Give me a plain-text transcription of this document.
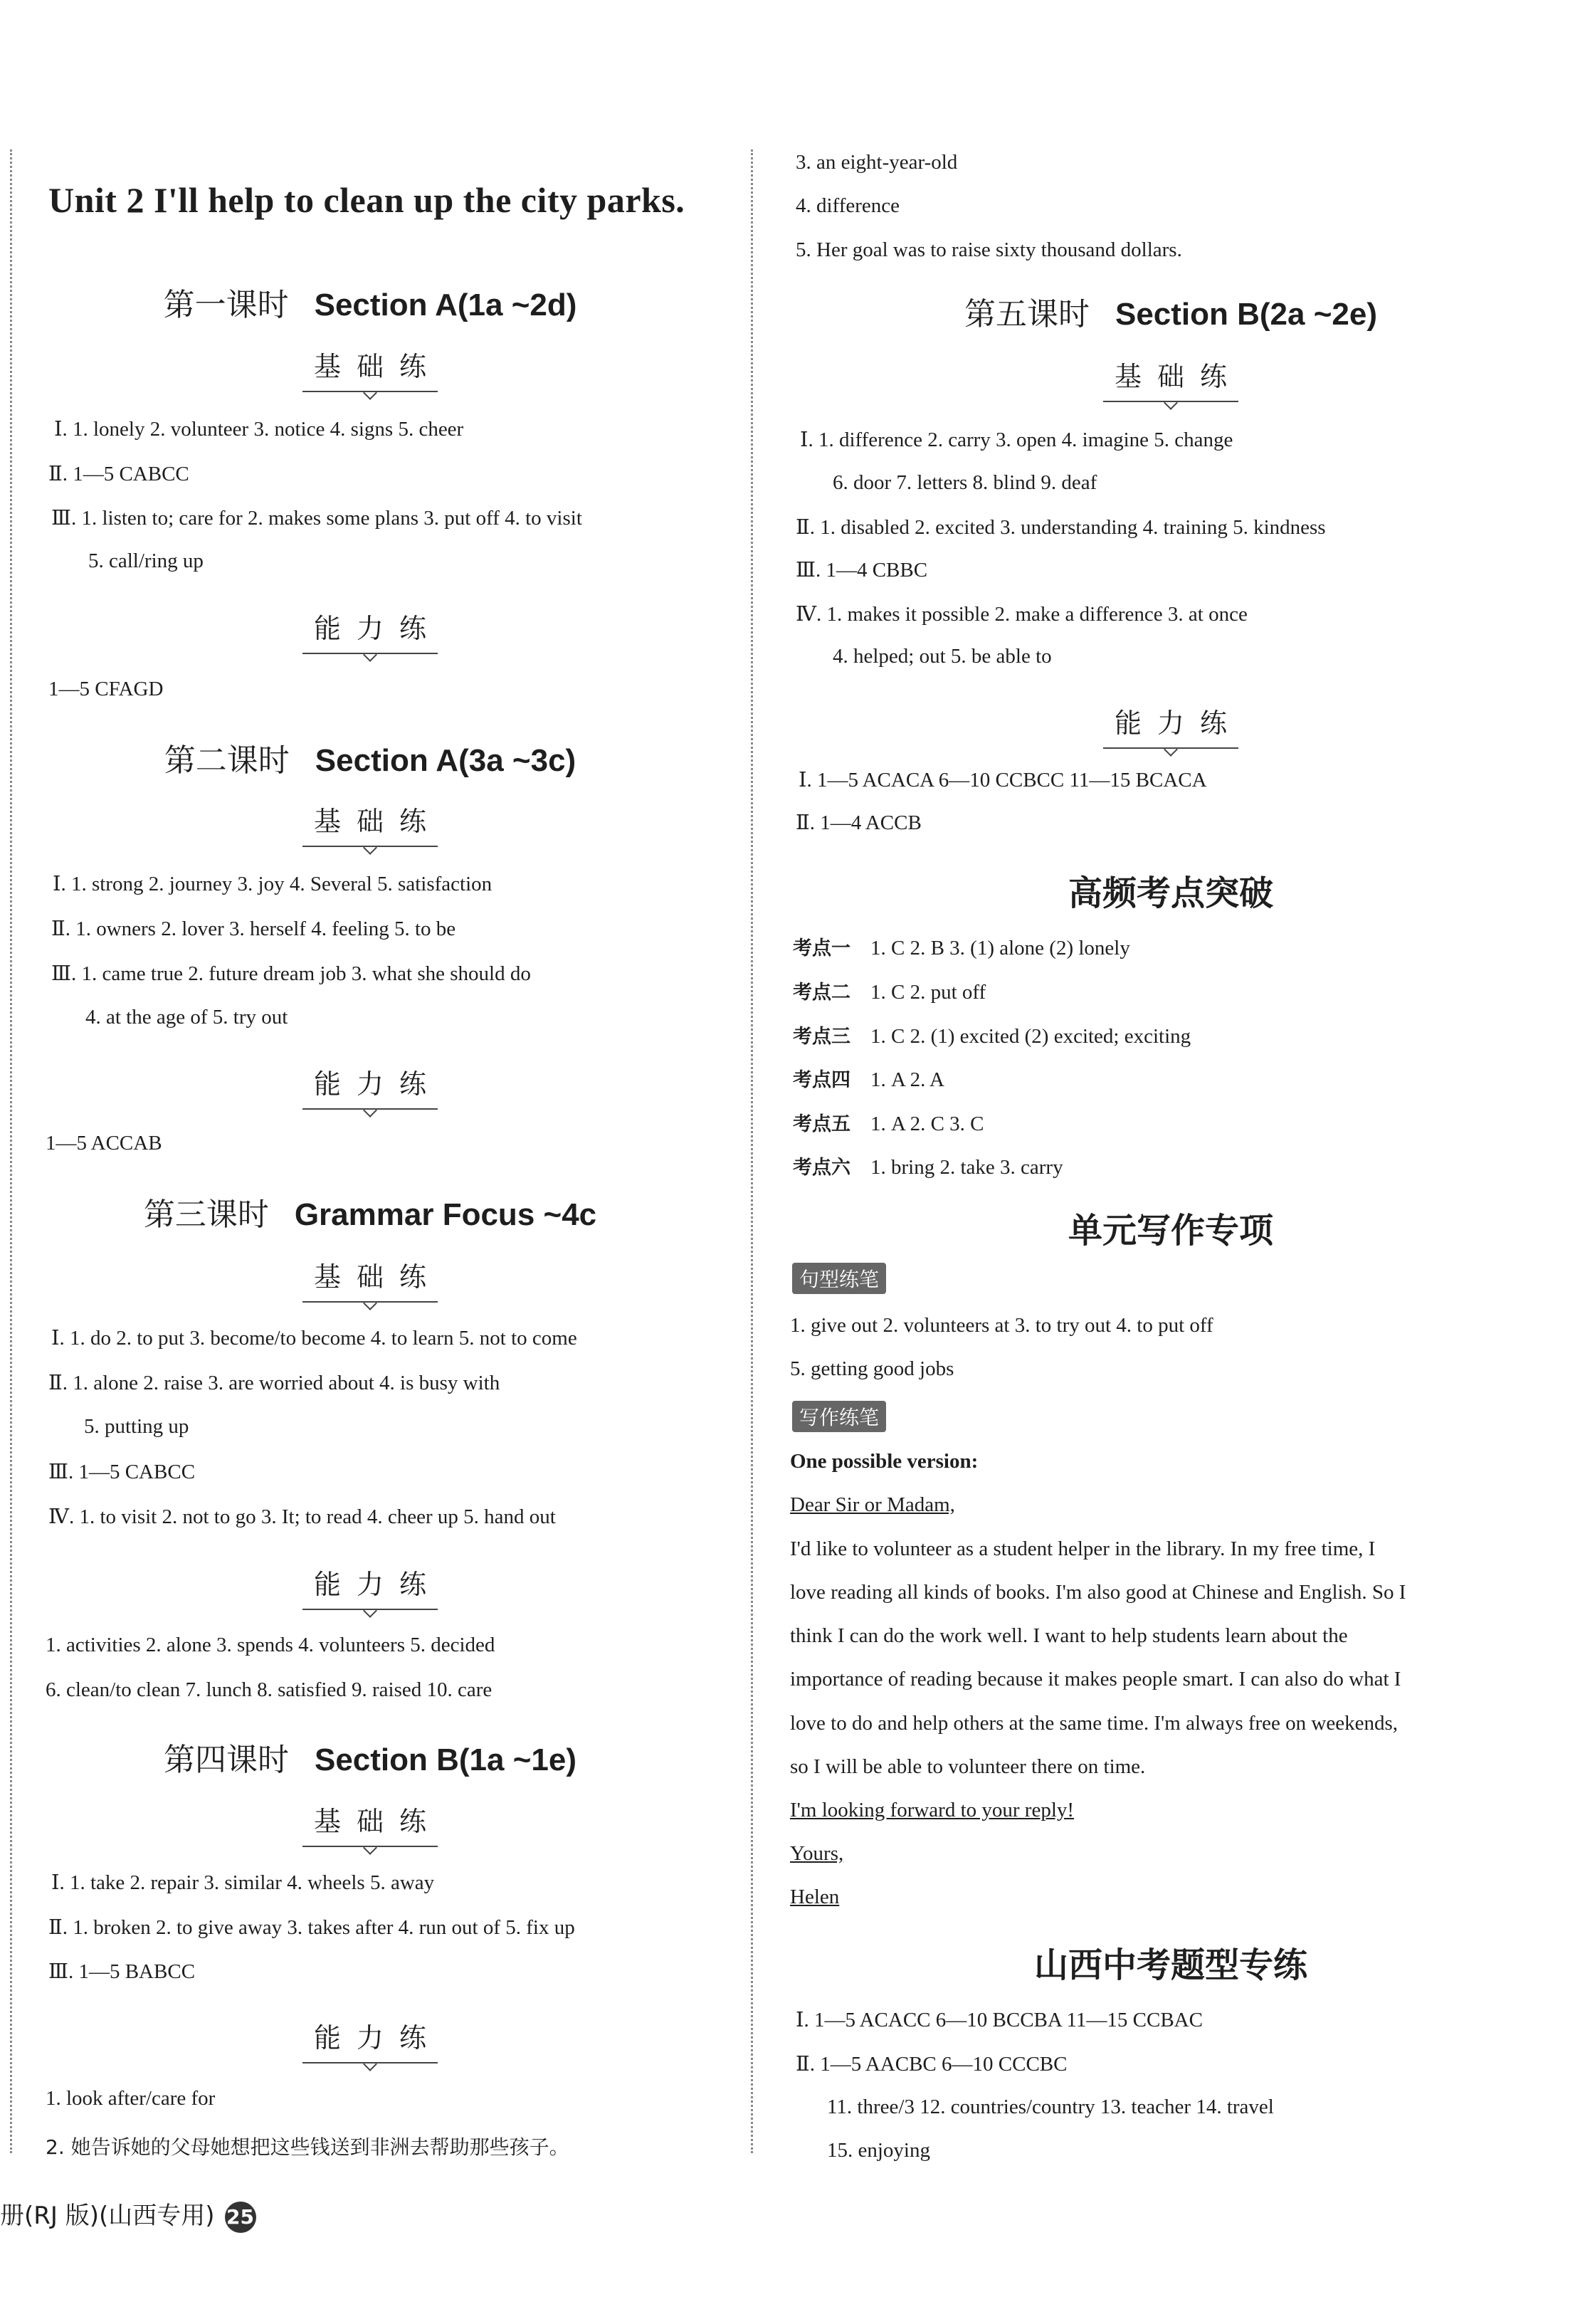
Unit 2 I'll help to clean up the city parks.
第一课时 Section A(1a ~2d)
基础练
Ⅰ. 1. lonely 2. volunteer 3. notice 4. signs 5. cheer
Ⅱ. 1—5 CABCC
Ⅲ. 1. listen to; care for 2. makes some plans 3. put off 4. to visit
5. call/ring up
能力练
1—5 CFAGD
第二课时 Section A(3a ~3c)
基础练
Ⅰ. 1. strong 2. journey 3. joy 4. Several 5. satisfaction
Ⅱ. 1. owners 2. lover 3. herself 4. feeling 5. to be
Ⅲ. 1. came true 2. future dream job 3. what she should do
4. at the age of 5. try out
能力练
1—5 ACCAB
第三课时 Grammar Focus ~4c
基础练
Ⅰ. 1. do 2. to put 3. become/to become 4. to learn 5. not to come
Ⅱ. 1. alone 2. raise 3. are worried about 4. is busy with
5. putting up
Ⅲ. 1—5 CABCC
Ⅳ. 1. to visit 2. not to go 3. It; to read 4. cheer up 5. hand out
能力练
1. activities 2. alone 3. spends 4. volunteers 5. decided
6. clean/to clean 7. lunch 8. satisfied 9. raised 10. care
第四课时 Section B(1a ~1e)
基础练
Ⅰ. 1. take 2. repair 3. similar 4. wheels 5. away
Ⅱ. 1. broken 2. to give away 3. takes after 4. run out of 5. fix up
Ⅲ. 1—5 BABCC
能力练
1. look after/care for
2. 她告诉她的父母她想把这些钱送到非洲去帮助那些孩子。
3. an eight-year-old
4. difference
5. Her goal was to raise sixty thousand dollars.
第五课时 Section B(2a ~2e)
基础练
Ⅰ. 1. difference 2. carry 3. open 4. imagine 5. change
6. door 7. letters 8. blind 9. deaf
Ⅱ. 1. disabled 2. excited 3. understanding 4. training 5. kindness
Ⅲ. 1—4 CBBC
Ⅳ. 1. makes it possible 2. make a difference 3. at once
4. helped; out 5. be able to
能力练
Ⅰ. 1—5 ACACA 6—10 CCBCC 11—15 BCACA
Ⅱ. 1—4 ACCB
高频考点突破
考点一 1. C 2. B 3. (1) alone (2) lonely
考点二 1. C 2. put off
考点三 1. C 2. (1) excited (2) excited; exciting
考点四 1. A 2. A
考点五 1. A 2. C 3. C
考点六 1. bring 2. take 3. carry
单元写作专项
句型练笔
1. give out 2. volunteers at 3. to try out 4. to put off
5. getting good jobs
写作练笔
One possible version:
Dear Sir or Madam,
I'd like to volunteer as a student helper in the library. In my free time, I
love reading all kinds of books. I'm also good at Chinese and English. So I
think I can do the work well. I want to help students learn about the
importance of reading because it makes people smart. I can also do what I
love to do and help others at the same time. I'm always free on weekends,
so I will be able to volunteer there on time.
I'm looking forward to your reply!
Yours,
Helen
山西中考题型专练
Ⅰ. 1—5 ACACC 6—10 BCCBA 11—15 CCBAC
Ⅱ. 1—5 AACBC 6—10 CCCBC
11. three/3 12. countries/country 13. teacher 14. travel
15. enjoying
册(RJ 版)(山西专用) 25
